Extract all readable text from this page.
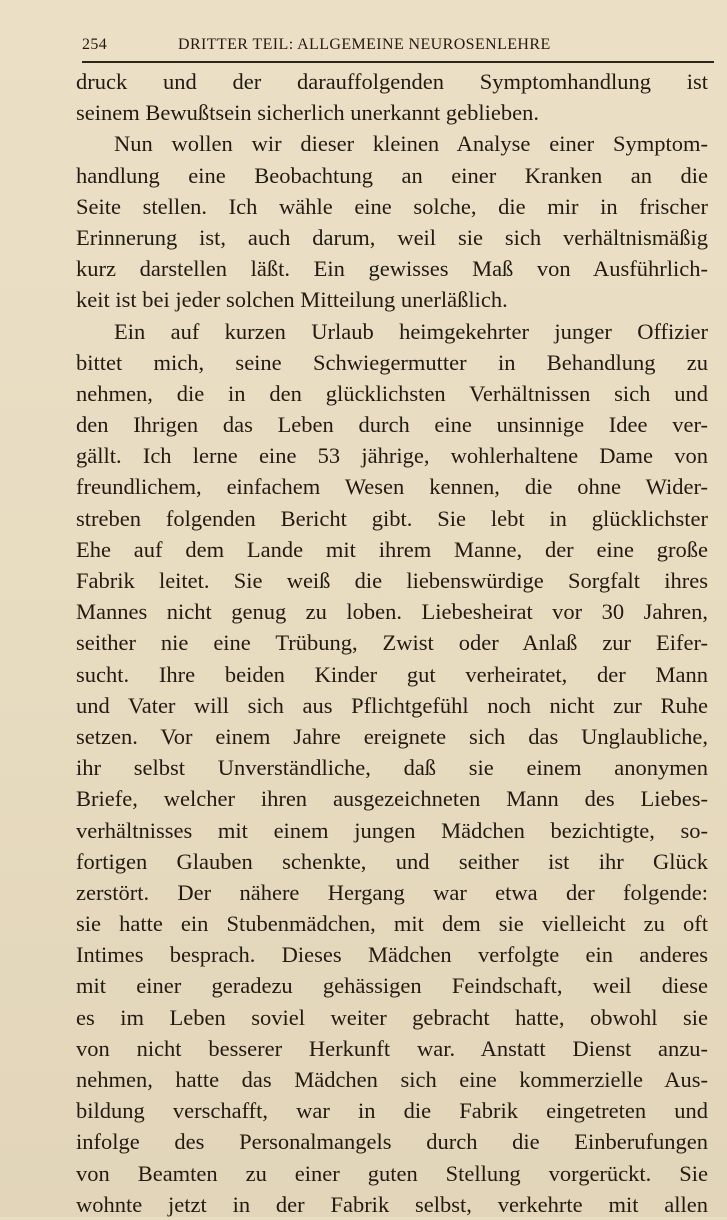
254	DRITTER TEIL: ALLGEMEINE NEUROSENLEHRE
druck und der darauffolgenden Symptomhandlung ist
seinem Bewußtsein sicherlich unerkannt geblieben.
Nun wollen wir dieser kleinen Analyse einer Symptom-
handlung eine Beobachtung an einer Kranken an die
Seite stellen. Ich wähle eine solche, die mir in frischer
Erinnerung ist, auch darum, weil sie sich verhältnismäßig
kurz darstellen läßt. Ein gewisses Maß von Ausführlich-
keit ist bei jeder solchen Mitteilung unerläßlich.
Ein auf kurzen Urlaub heimgekehrter junger Offizier
bittet mich, seine Schwiegermutter in Behandlung zu
nehmen, die in den glücklichsten Verhältnissen sich und
den Ihrigen das Leben durch eine unsinnige Idee ver-
gällt. Ich lerne eine 53 jährige, wohlerhaltene Dame von
freundlichem, einfachem Wesen kennen, die ohne Wider-
streben folgenden Bericht gibt. Sie lebt in glücklichster
Ehe auf dem Lande mit ihrem Manne, der eine große
Fabrik leitet. Sie weiß die liebenswürdige Sorgfalt ihres
Mannes nicht genug zu loben. Liebesheirat vor 30 Jahren,
seither nie eine Trübung, Zwist oder Anlaß zur Eifer-
sucht. Ihre beiden Kinder gut verheiratet, der Mann
und Vater will sich aus Pflichtgefühl noch nicht zur Ruhe
setzen. Vor einem Jahre ereignete sich das Unglaubliche,
ihr selbst Unverständliche, daß sie einem anonymen
Briefe, welcher ihren ausgezeichneten Mann des Liebes-
verhältnisses mit einem jungen Mädchen bezichtigte, so-
fortigen Glauben schenkte, und seither ist ihr Glück
zerstört. Der nähere Hergang war etwa der folgende:
sie hatte ein Stubenmädchen, mit dem sie vielleicht zu oft
Intimes besprach. Dieses Mädchen verfolgte ein anderes
mit einer geradezu gehässigen Feindschaft, weil diese
es im Leben soviel weiter gebracht hatte, obwohl sie
von nicht besserer Herkunft war. Anstatt Dienst anzu-
nehmen, hatte das Mädchen sich eine kommerzielle Aus-
bildung verschafft, war in die Fabrik eingetreten und
infolge des Personalmangels durch die Einberufungen
von Beamten zu einer guten Stellung vorgerückt. Sie
wohnte jetzt in der Fabrik selbst, verkehrte mit allen
